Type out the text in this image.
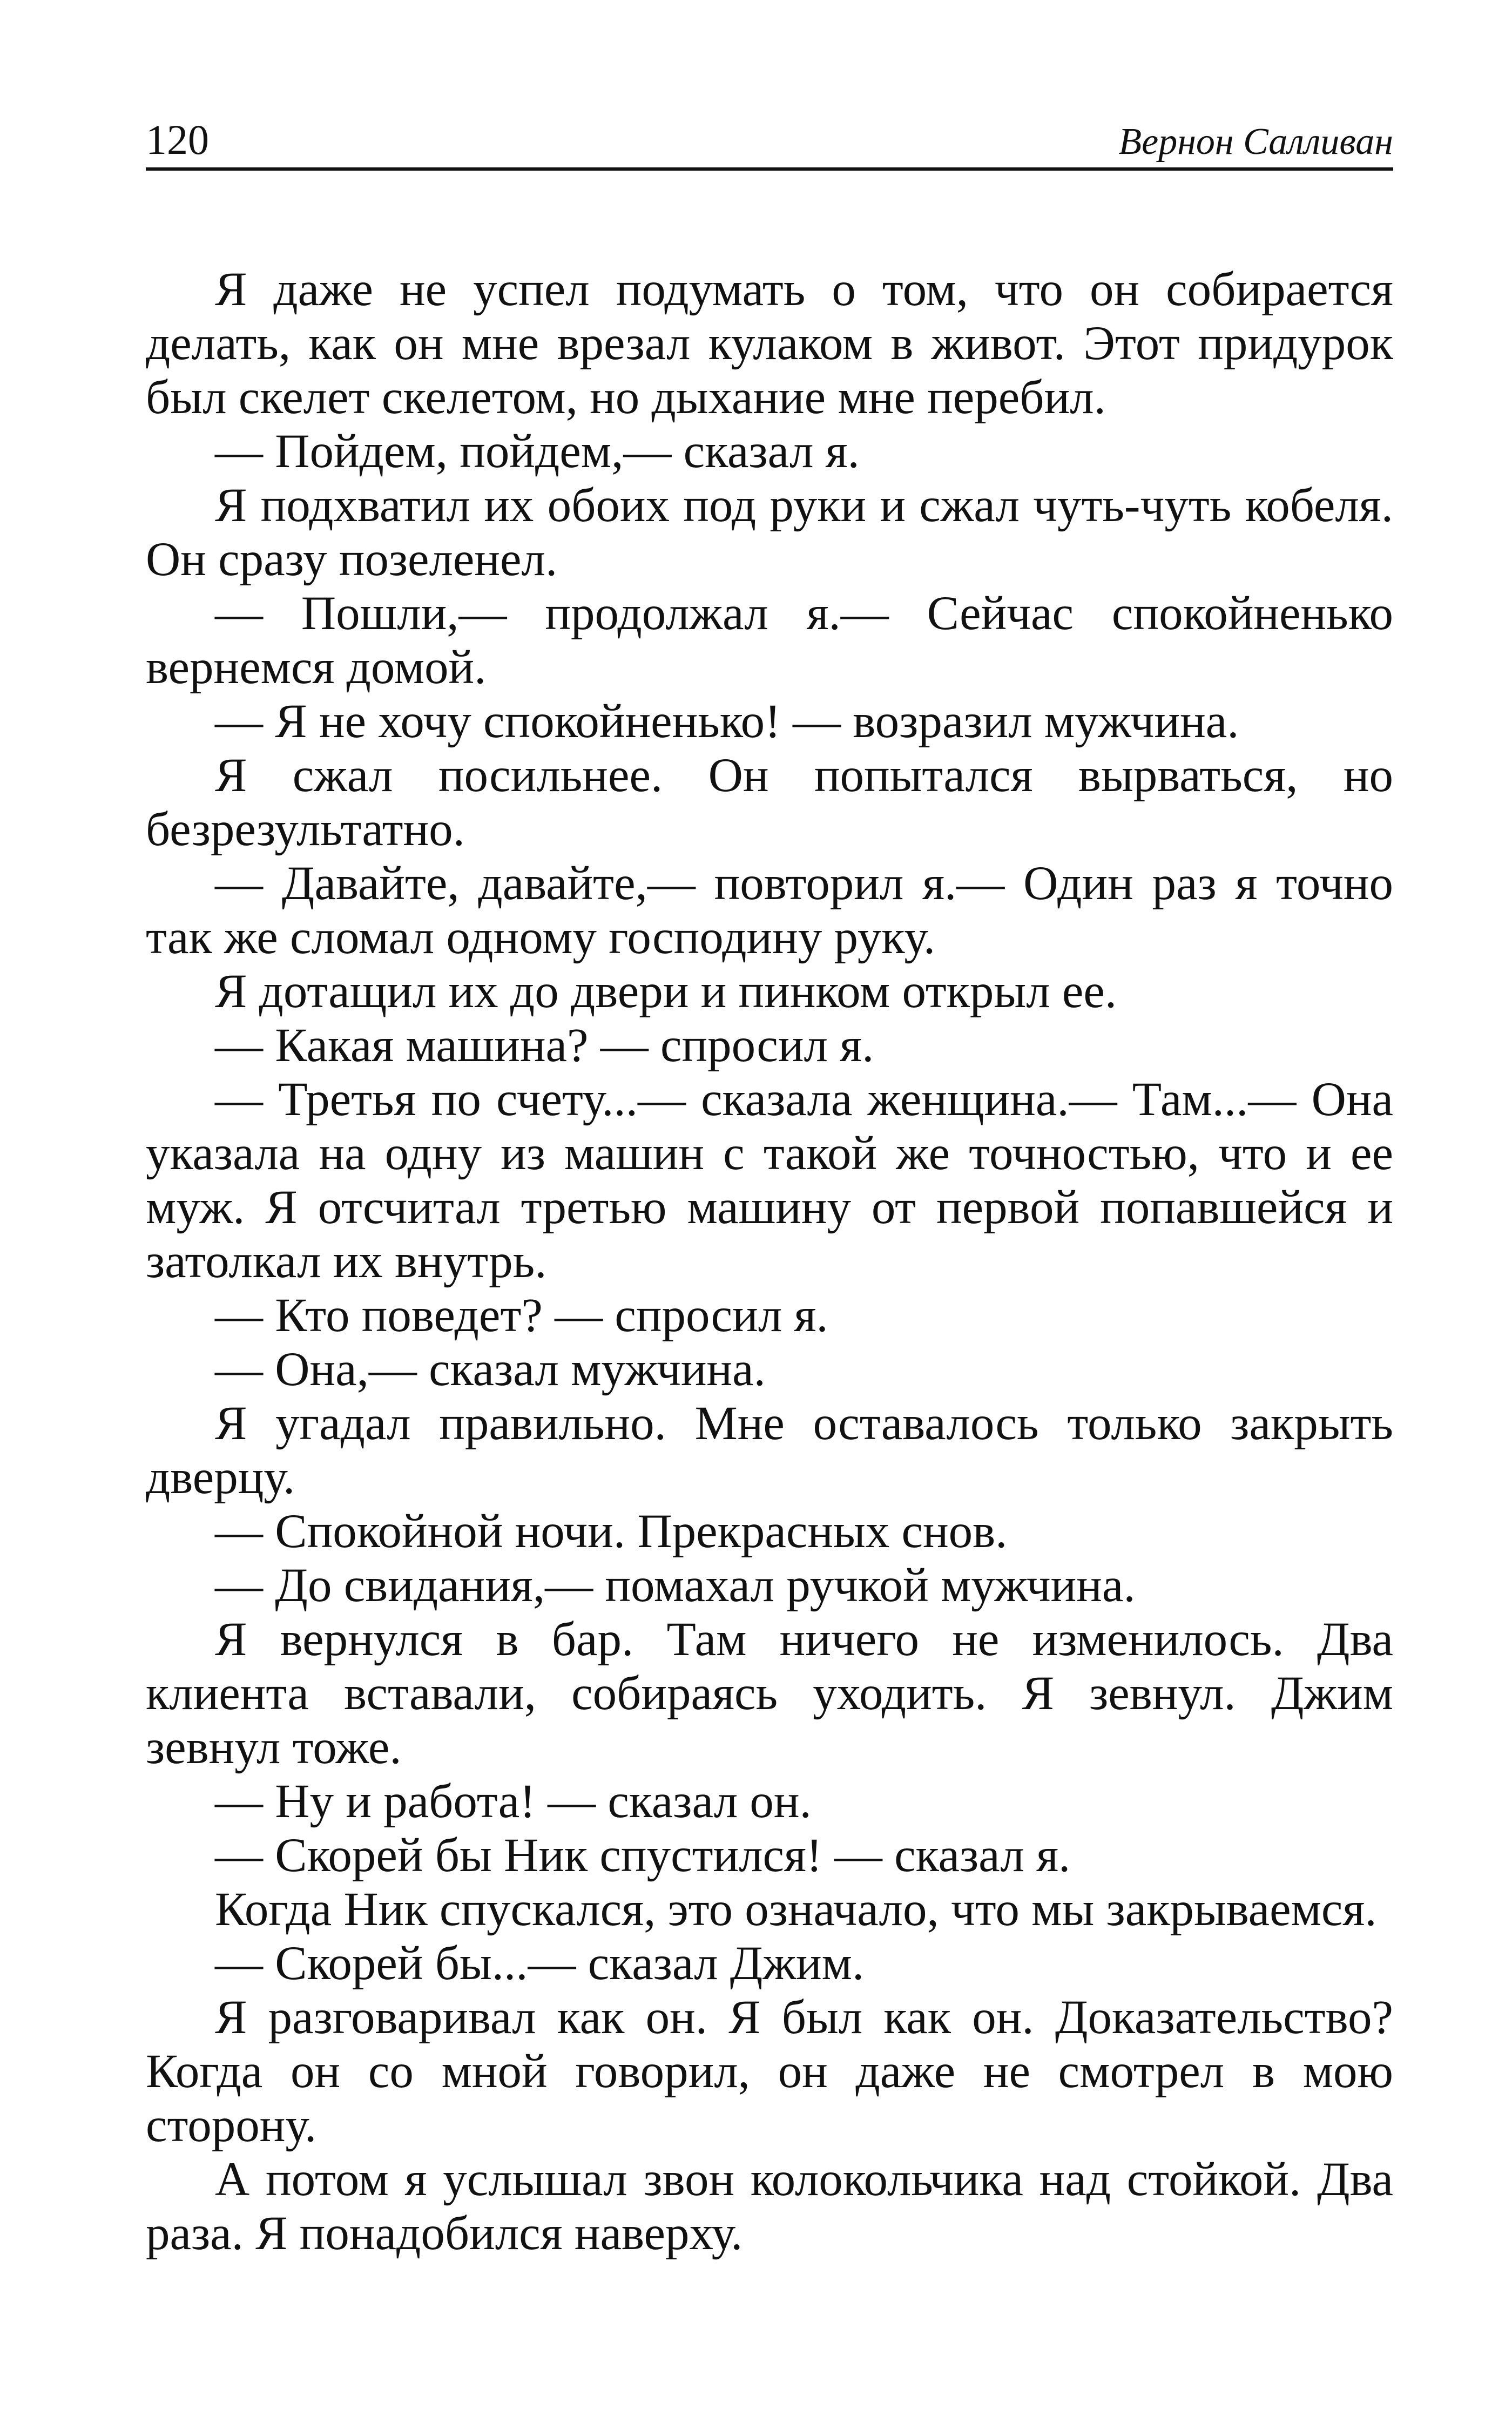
120	Вернон Салливан

Я даже не успел подумать о том, что он собирается делать, как он мне врезал кулаком в живот. Этот придурок был скелет скелетом, но дыхание мне перебил.

— Пойдем, пойдем,— сказал я.

Я подхватил их обоих под руки и сжал чуть-чуть кобеля. Он сразу позеленел.

— Пошли,— продолжал я.— Сейчас спокойненько вернемся домой.

— Я не хочу спокойненько! — возразил мужчина.

Я сжал посильнее. Он попытался вырваться, но безрезультатно.

— Давайте, давайте,— повторил я.— Один раз я точно так же сломал одному господину руку.

Я дотащил их до двери и пинком открыл ее.

— Какая машина? — спросил я.

— Третья по счету...— сказала женщина.— Там...— Она указала на одну из машин с такой же точностью, что и ее муж. Я отсчитал третью машину от первой попавшейся и затолкал их внутрь.

— Кто поведет? — спросил я.

— Она,— сказал мужчина.

Я угадал правильно. Мне оставалось только закрыть дверцу.

— Спокойной ночи. Прекрасных снов.

— До свидания,— помахал ручкой мужчина.

Я вернулся в бар. Там ничего не изменилось. Два клиента вставали, собираясь уходить. Я зевнул. Джим зевнул тоже.

— Ну и работа! — сказал он.

— Скорей бы Ник спустился! — сказал я.

Когда Ник спускался, это означало, что мы закрываемся.

— Скорей бы...— сказал Джим.

Я разговаривал как он. Я был как он. Доказательство? Когда он со мной говорил, он даже не смотрел в мою сторону.

А потом я услышал звон колокольчика над стойкой. Два раза. Я понадобился наверху.
